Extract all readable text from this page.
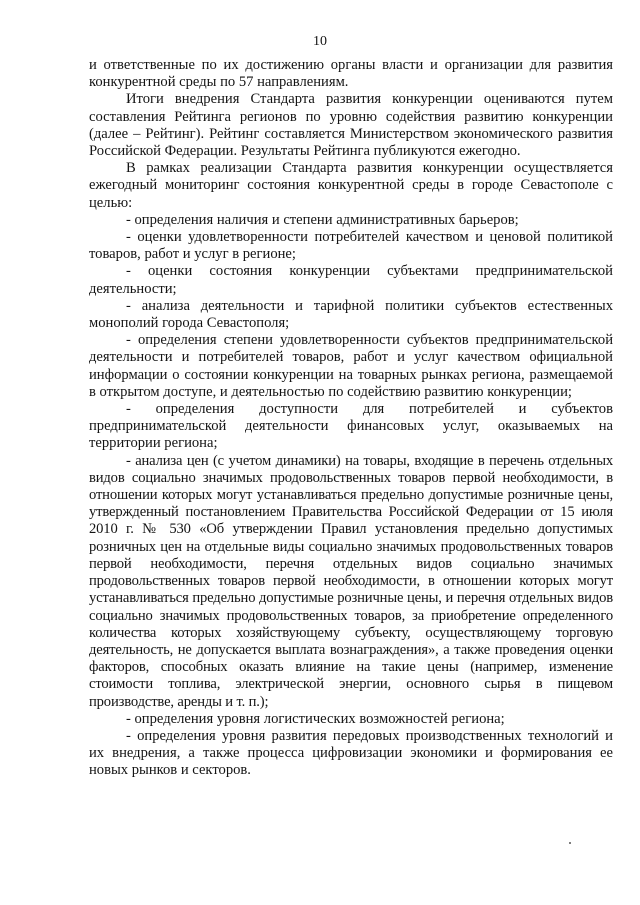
10

и ответственные по их достижению органы власти и организации для развития конкурентной среды по 57 направлениям.

Итоги внедрения Стандарта развития конкуренции оцениваются путем составления Рейтинга регионов по уровню содействия развитию конкуренции (далее – Рейтинг). Рейтинг составляется Министерством экономического развития Российской Федерации. Результаты Рейтинга публикуются ежегодно.

В рамках реализации Стандарта развития конкуренции осуществляется ежегодный мониторинг состояния конкурентной среды в городе Севастополе с целью:

- определения наличия и степени административных барьеров;

- оценки удовлетворенности потребителей качеством и ценовой политикой товаров, работ и услуг в регионе;

- оценки состояния конкуренции субъектами предпринимательской деятельности;

- анализа деятельности и тарифной политики субъектов естественных монополий города Севастополя;

- определения степени удовлетворенности субъектов предпринимательской деятельности и потребителей товаров, работ и услуг качеством официальной информации о состоянии конкуренции на товарных рынках региона, размещаемой в открытом доступе, и деятельностью по содействию развитию конкуренции;

- определения доступности для потребителей и субъектов предпринимательской деятельности финансовых услуг, оказываемых на территории региона;

- анализа цен (с учетом динамики) на товары, входящие в перечень отдельных видов социально значимых продовольственных товаров первой необходимости, в отношении которых могут устанавливаться предельно допустимые розничные цены, утвержденный постановлением Правительства Российской Федерации от 15 июля 2010 г. № 530 «Об утверждении Правил установления предельно допустимых розничных цен на отдельные виды социально значимых продовольственных товаров первой необходимости, перечня отдельных видов социально значимых продовольственных товаров первой необходимости, в отношении которых могут устанавливаться предельно допустимые розничные цены, и перечня отдельных видов социально значимых продовольственных товаров, за приобретение определенного количества которых хозяйствующему субъекту, осуществляющему торговую деятельность, не допускается выплата вознаграждения», а также проведения оценки факторов, способных оказать влияние на такие цены (например, изменение стоимости топлива, электрической энергии, основного сырья в пищевом производстве, аренды и т. п.);

- определения уровня логистических возможностей региона;

- определения уровня развития передовых производственных технологий и их внедрения, а также процесса цифровизации экономики и формирования ее новых рынков и секторов.
